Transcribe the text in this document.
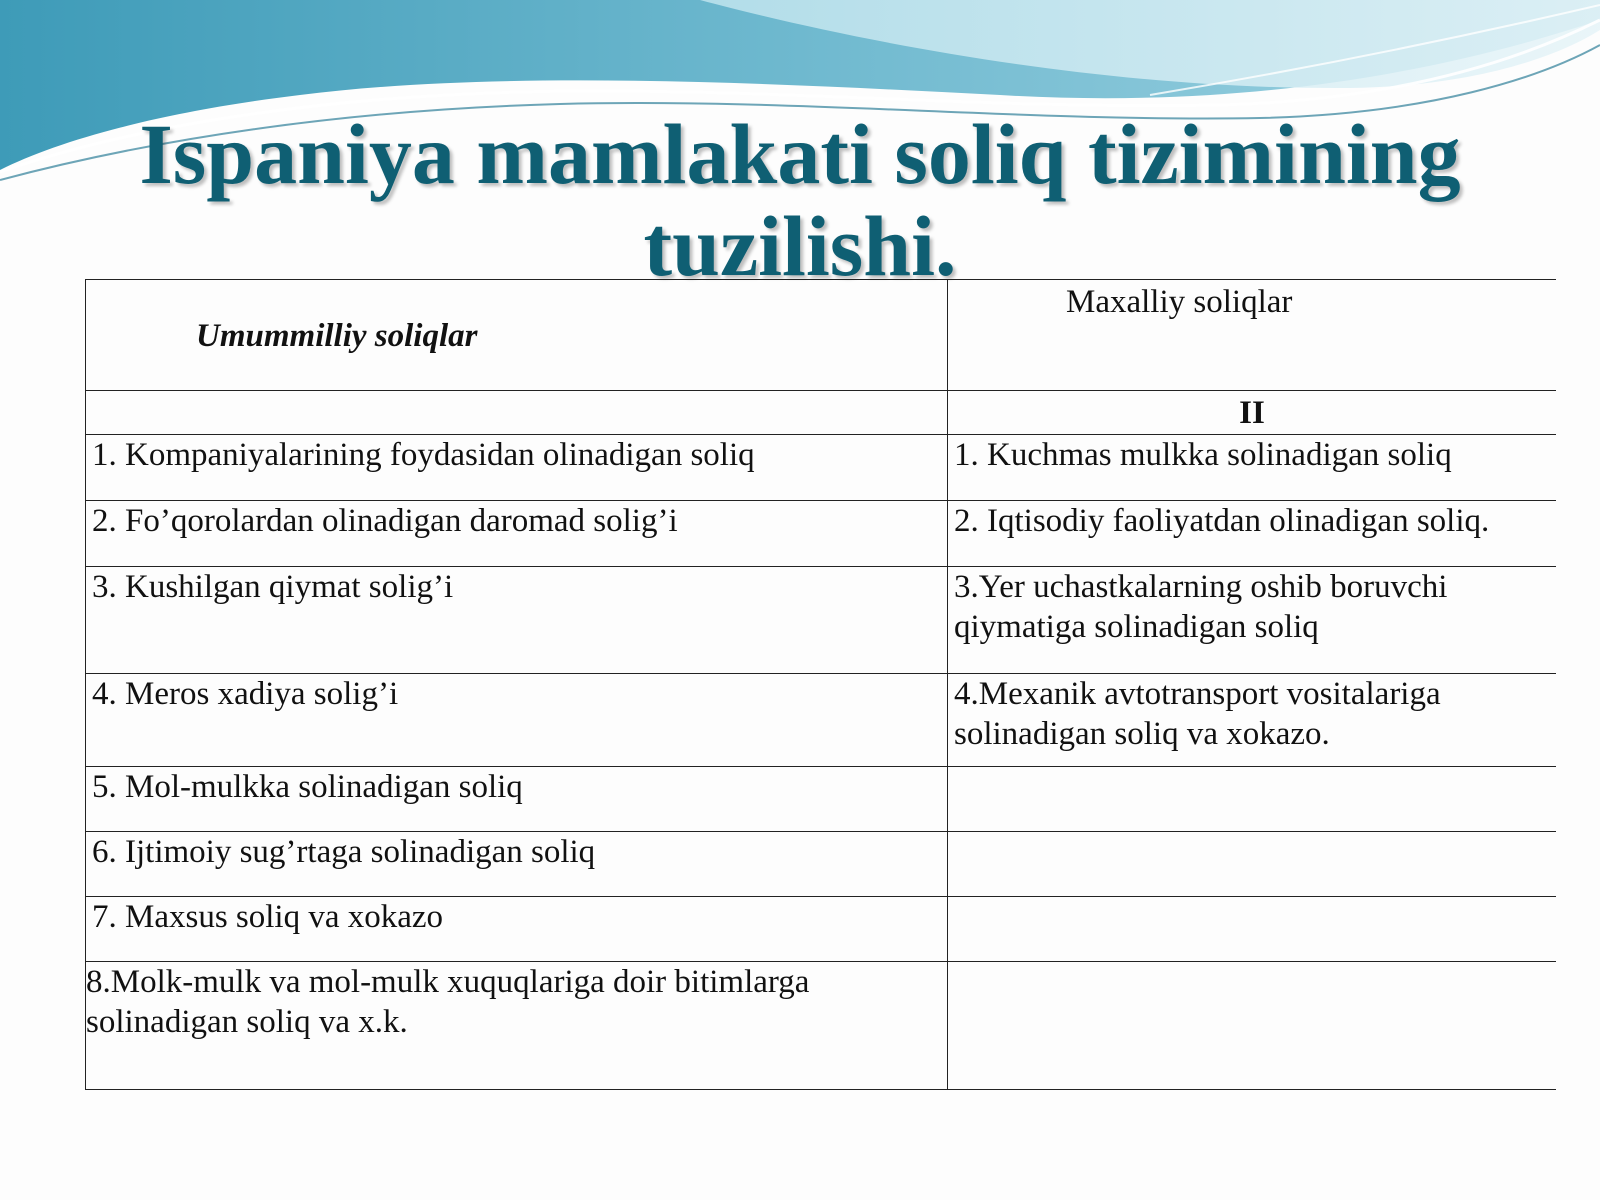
Ispaniya mamlakati soliq tizimining tuzilishi.
Umummilliy soliqlar	Maxalliy soliqlar
	II
1. Kompaniyalarining foydasidan olinadigan soliq	1. Kuchmas mulkka solinadigan soliq
2. Fo’qorolardan olinadigan daromad solig’i	2. Iqtisodiy faoliyatdan olinadigan soliq.
3. Kushilgan qiymat solig’i	3.Yer uchastkalarning oshib boruvchi qiymatiga solinadigan soliq
4. Meros xadiya solig’i	4.Mexanik avtotransport vositalariga solinadigan soliq va xokazo.
5. Mol-mulkka solinadigan soliq	
6. Ijtimoiy sug’rtaga solinadigan soliq	
7. Maxsus soliq va xokazo	
8.Molk-mulk va mol-mulk xuquqlariga doir bitimlarga solinadigan soliq va x.k.	
